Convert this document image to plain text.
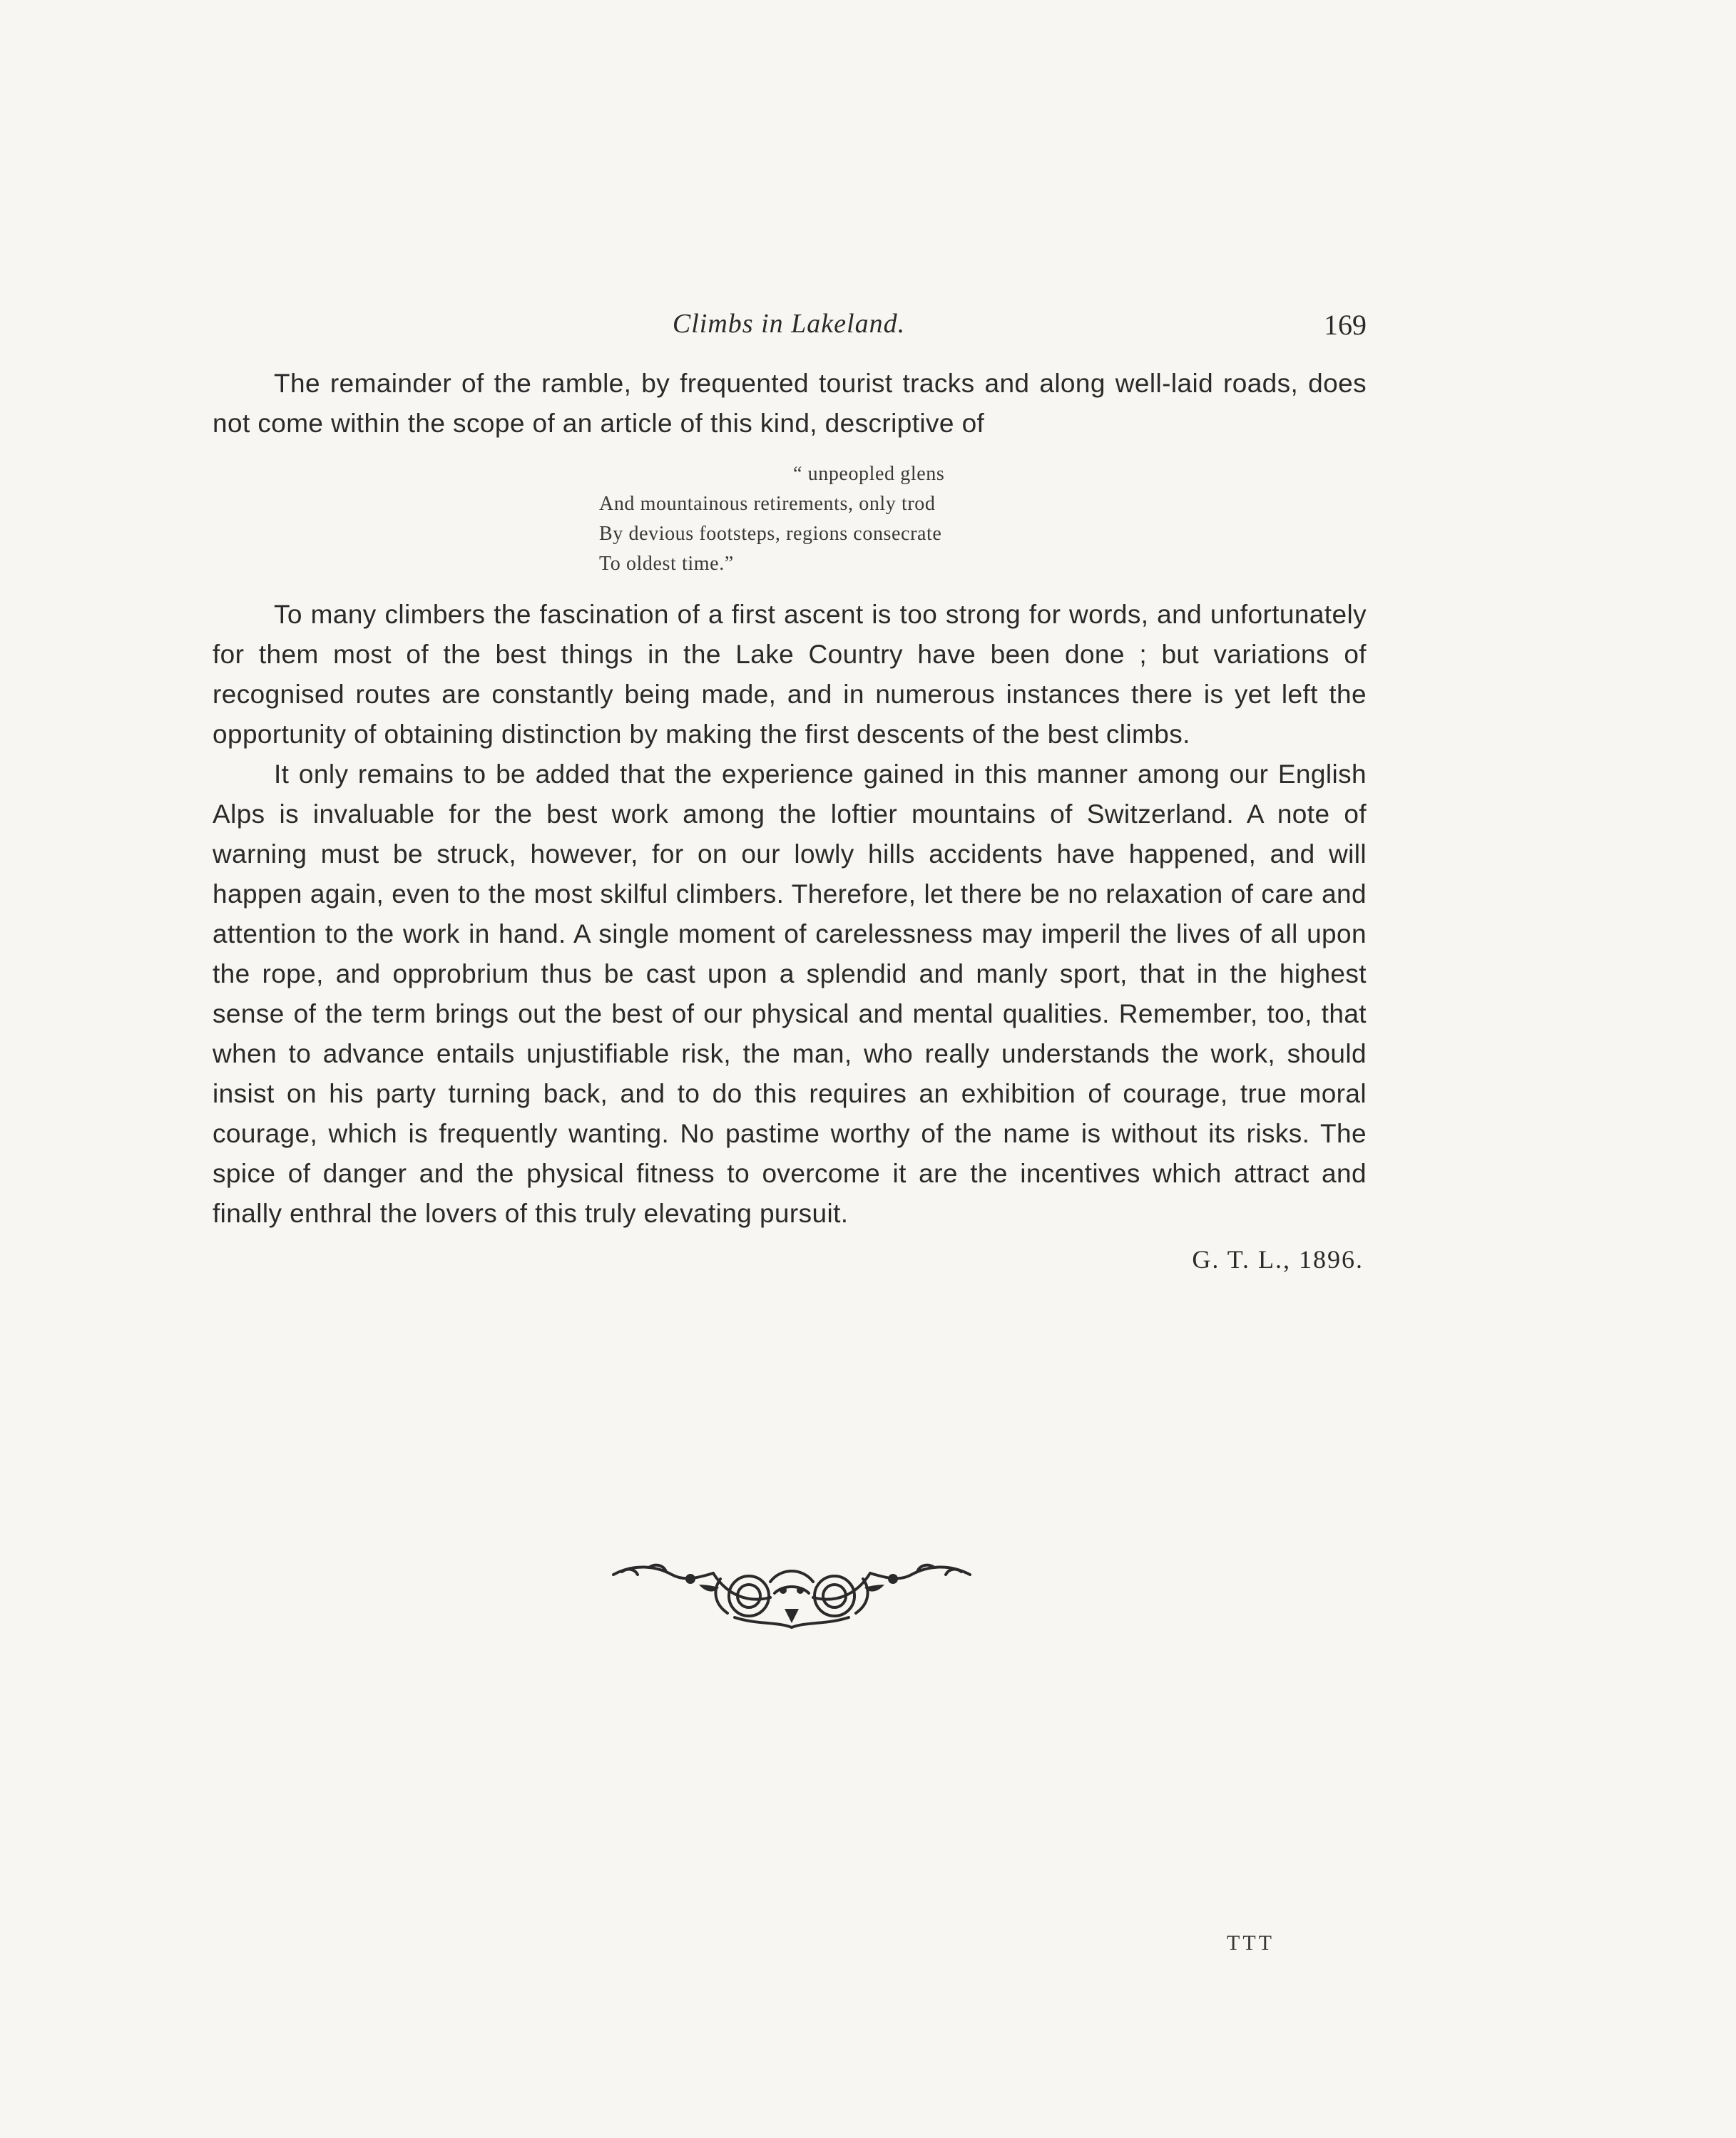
Climbs in Lakeland.	169

The remainder of the ramble, by frequented tourist tracks and along well-laid roads, does not come within the scope of an article of this kind, descriptive of

“ unpeopled glens
And mountainous retirements, only trod
By devious footsteps, regions consecrate
To oldest time.”

To many climbers the fascination of a first ascent is too strong for words, and unfortunately for them most of the best things in the Lake Country have been done ; but variations of recognised routes are constantly being made, and in numerous instances there is yet left the opportunity of obtaining distinction by making the first descents of the best climbs.

It only remains to be added that the experience gained in this manner among our English Alps is invaluable for the best work among the loftier mountains of Switzerland. A note of warning must be struck, however, for on our lowly hills accidents have happened, and will happen again, even to the most skilful climbers. Therefore, let there be no relaxation of care and attention to the work in hand. A single moment of carelessness may imperil the lives of all upon the rope, and opprobrium thus be cast upon a splendid and manly sport, that in the highest sense of the term brings out the best of our physical and mental qualities. Remember, too, that when to advance entails unjustifiable risk, the man, who really understands the work, should insist on his party turning back, and to do this requires an exhibition of courage, true moral courage, which is frequently wanting. No pastime worthy of the name is without its risks. The spice of danger and the physical fitness to overcome it are the incentives which attract and finally enthral the lovers of this truly elevating pursuit.

G. T. L., 1896.
TTT
